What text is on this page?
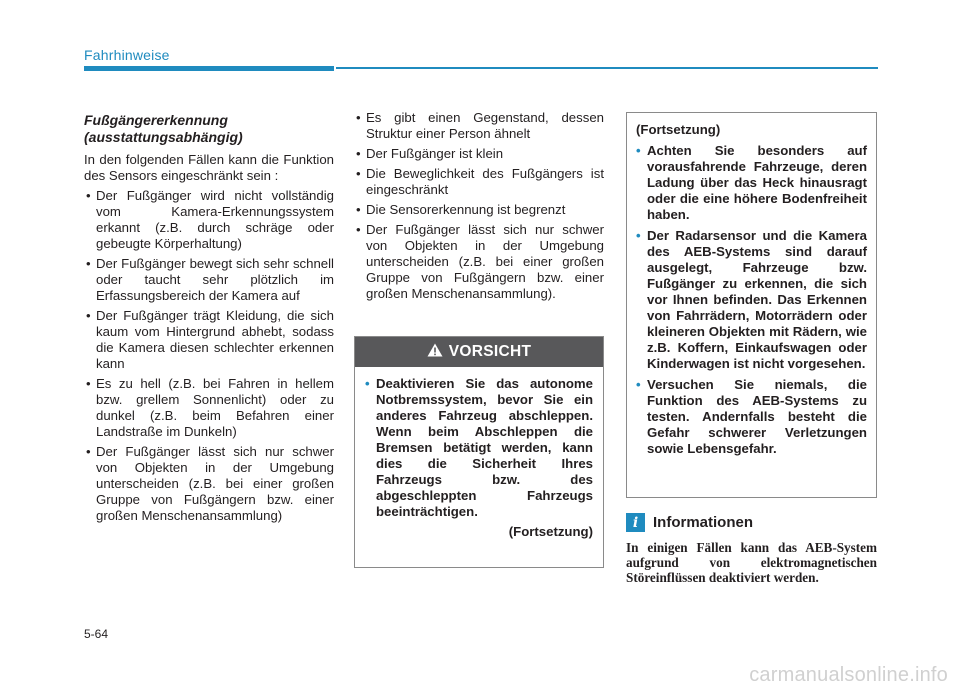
Fahrhinweise
Fußgängererkennung
(ausstattungsabhängig)

In den folgenden Fällen kann die Funktion des Sensors eingeschränkt sein :

• Der Fußgänger wird nicht vollständig vom Kamera-Erkennungssystem erkannt (z.B. durch schräge oder gebeugte Körperhaltung)
• Der Fußgänger bewegt sich sehr schnell oder taucht sehr plötzlich im Erfassungsbereich der Kamera auf
• Der Fußgänger trägt Kleidung, die sich kaum vom Hintergrund abhebt, sodass die Kamera diesen schlechter erkennen kann
• Es zu hell (z.B. bei Fahren in hellem bzw. grellem Sonnenlicht) oder zu dunkel (z.B. beim Befahren einer Landstraße im Dunkeln)
• Der Fußgänger lässt sich nur schwer von Objekten in der Umgebung unterscheiden (z.B. bei einer großen Gruppe von Fußgängern bzw. einer großen Menschenansammlung)
• Es gibt einen Gegenstand, dessen Struktur einer Person ähnelt
• Der Fußgänger ist klein
• Die Beweglichkeit des Fußgängers ist eingeschränkt
• Die Sensorerkennung ist begrenzt
• Der Fußgänger lässt sich nur schwer von Objekten in der Umgebung unterscheiden (z.B. bei einer großen Gruppe von Fußgängern bzw. einer großen Menschenansammlung).
VORSICHT
• Deaktivieren Sie das autonome Notbremssystem, bevor Sie ein anderes Fahrzeug abschleppen. Wenn beim Abschleppen die Bremsen betätigt werden, kann dies die Sicherheit Ihres Fahrzeugs bzw. des abgeschleppten Fahrzeugs beeinträchtigen.
(Fortsetzung)
(Fortsetzung)
• Achten Sie besonders auf vorausfahrende Fahrzeuge, deren Ladung über das Heck hinausragt oder die eine höhere Bodenfreiheit haben.
• Der Radarsensor und die Kamera des AEB-Systems sind darauf ausgelegt, Fahrzeuge bzw. Fußgänger zu erkennen, die sich vor Ihnen befinden. Das Erkennen von Fahrrädern, Motorrädern oder kleineren Objekten mit Rädern, wie z.B. Koffern, Einkaufswagen oder Kinderwagen ist nicht vorgesehen.
• Versuchen Sie niemals, die Funktion des AEB-Systems zu testen. Andernfalls besteht die Gefahr schwerer Verletzungen sowie Lebensgefahr.
i Informationen
In einigen Fällen kann das AEB-System aufgrund von elektromagnetischen Störeinflüssen deaktiviert werden.
5-64
carmanualsonline.info
